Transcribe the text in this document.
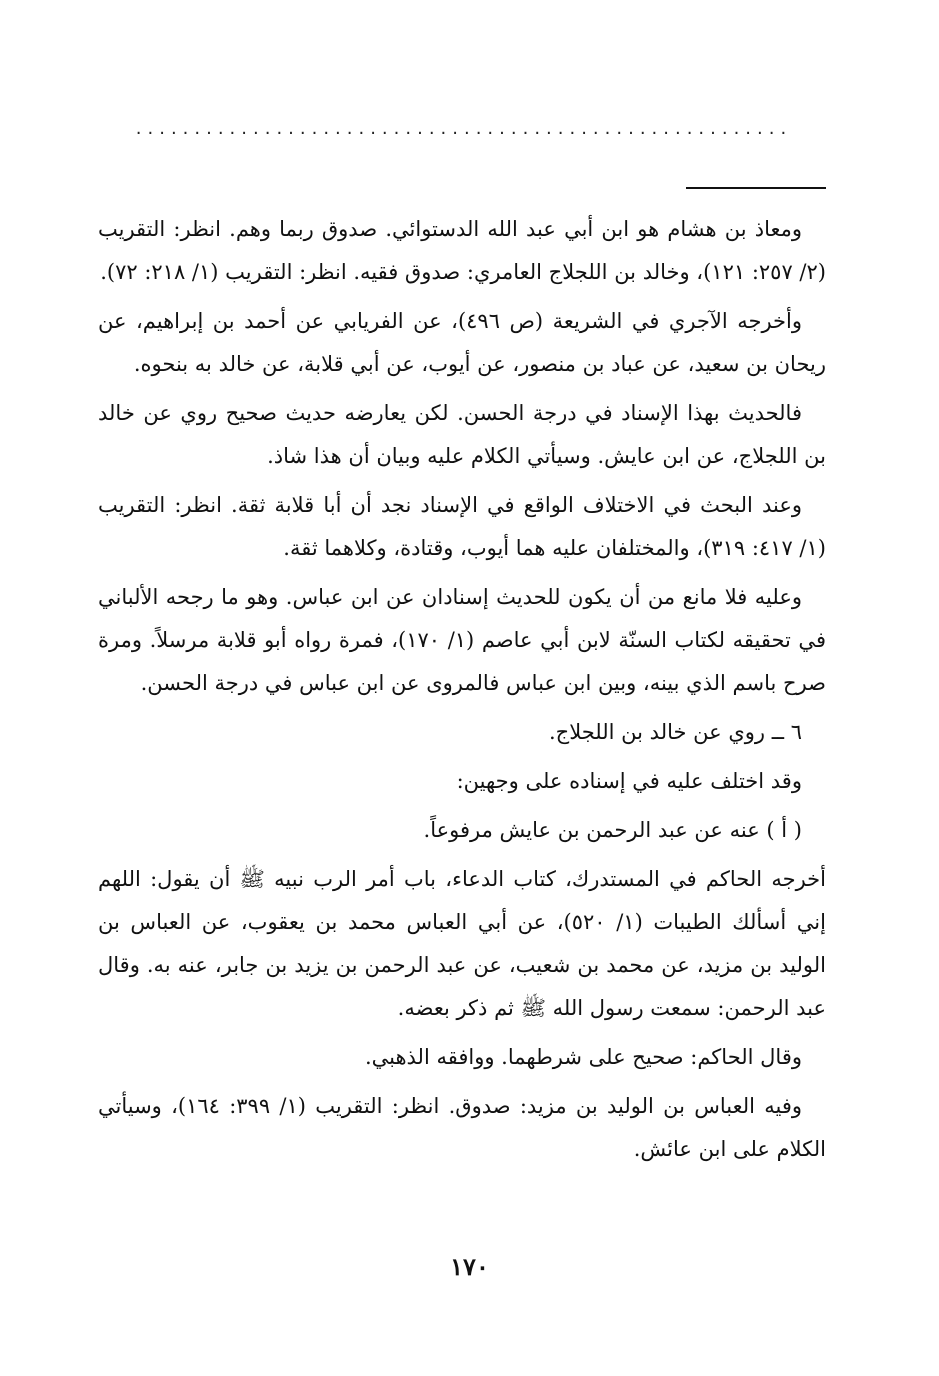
........................................................

ومعاذ بن هشام هو ابن أبي عبد الله الدستوائي. صدوق ربما وهم. انظر: التقريب (٢/ ٢٥٧: ١٢١)، وخالد بن اللجلاج العامري: صدوق فقيه. انظر: التقريب (١/ ٢١٨: ٧٢).

وأخرجه الآجري في الشريعة (ص ٤٩٦)، عن الفريابي عن أحمد بن إبراهيم، عن ريحان بن سعيد، عن عباد بن منصور، عن أيوب، عن أبي قلابة، عن خالد به بنحوه.

فالحديث بهذا الإسناد في درجة الحسن. لكن يعارضه حديث صحيح روي عن خالد بن اللجلاج، عن ابن عايش. وسيأتي الكلام عليه وبيان أن هذا شاذ.

وعند البحث في الاختلاف الواقع في الإسناد نجد أن أبا قلابة ثقة. انظر: التقريب (١/ ٤١٧: ٣١٩)، والمختلفان عليه هما أيوب، وقتادة، وكلاهما ثقة.

وعليه فلا مانع من أن يكون للحديث إسنادان عن ابن عباس. وهو ما رجحه الألباني في تحقيقه لكتاب السنّة لابن أبي عاصم (١/ ١٧٠)، فمرة رواه أبو قلابة مرسلاً. ومرة صرح باسم الذي بينه، وبين ابن عباس فالمروى عن ابن عباس في درجة الحسن.

٦ ــ روي عن خالد بن اللجلاج.

وقد اختلف عليه في إسناده على وجهين:

( أ ) عنه عن عبد الرحمن بن عايش مرفوعاً.

أخرجه الحاكم في المستدرك، كتاب الدعاء، باب أمر الرب نبيه ﷺ أن يقول: اللهم إني أسألك الطيبات (١/ ٥٢٠)، عن أبي العباس محمد بن يعقوب، عن العباس بن الوليد بن مزيد، عن محمد بن شعيب، عن عبد الرحمن بن يزيد بن جابر، عنه به. وقال عبد الرحمن: سمعت رسول الله ﷺ ثم ذكر بعضه.

وقال الحاكم: صحيح على شرطهما. ووافقه الذهبي.

وفيه العباس بن الوليد بن مزيد: صدوق. انظر: التقريب (١/ ٣٩٩: ١٦٤)، وسيأتي الكلام على ابن عائش.

١٧٠
